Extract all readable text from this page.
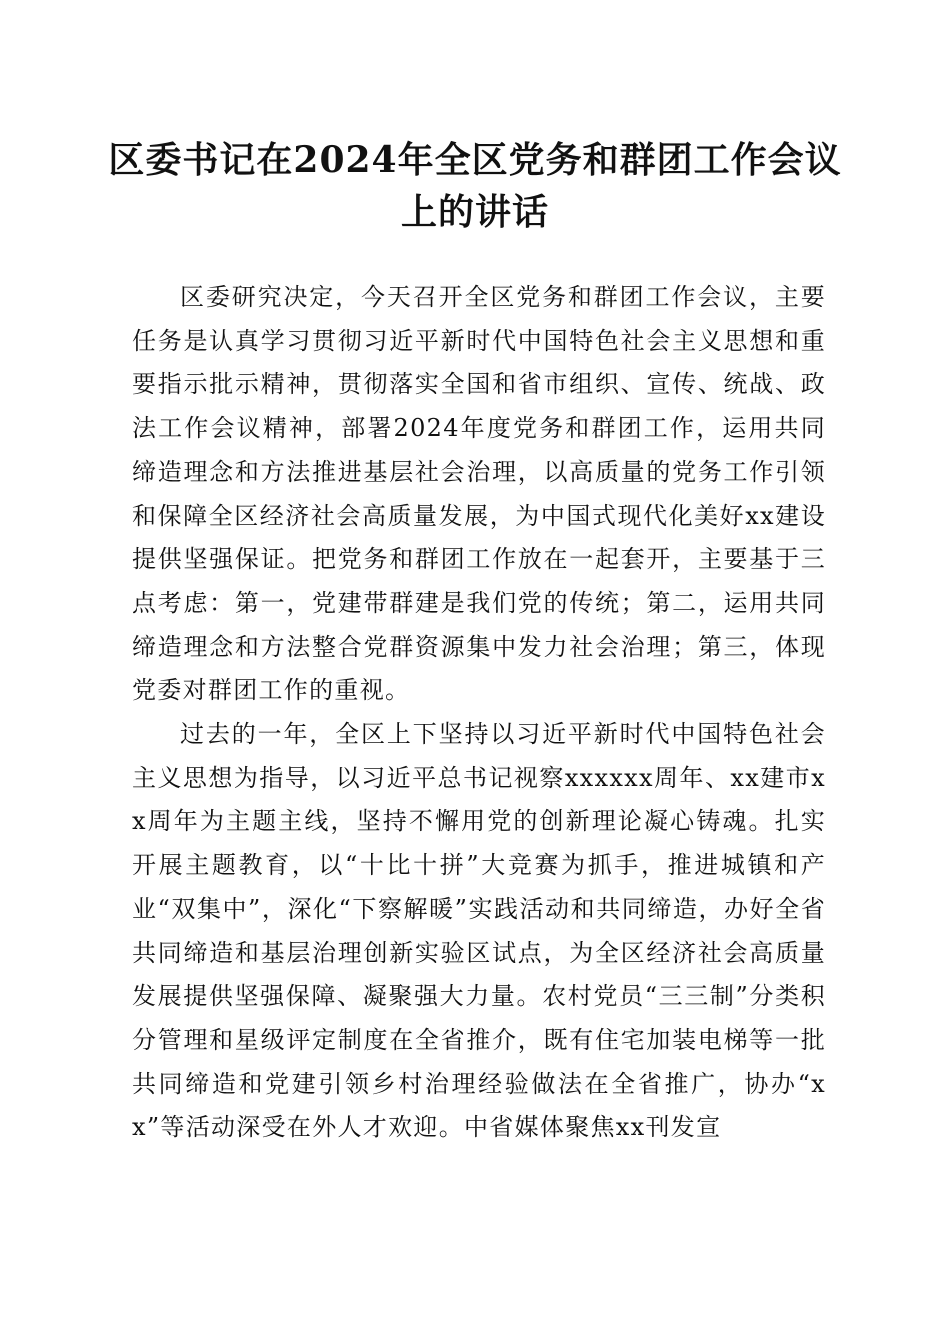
区委书记在2024年全区党务和群团工作会议
上的讲话

区委研究决定，今天召开全区党务和群团工作会议，主要任务是认真学习贯彻习近平新时代中国特色社会主义思想和重要指示批示精神，贯彻落实全国和省市组织、宣传、统战、政法工作会议精神，部署2024年度党务和群团工作，运用共同缔造理念和方法推进基层社会治理，以高质量的党务工作引领和保障全区经济社会高质量发展，为中国式现代化美好xx建设提供坚强保证。把党务和群团工作放在一起套开，主要基于三点考虑：第一，党建带群建是我们党的传统；第二，运用共同缔造理念和方法整合党群资源集中发力社会治理；第三，体现党委对群团工作的重视。

过去的一年，全区上下坚持以习近平新时代中国特色社会主义思想为指导，以习近平总书记视察xxxxxx周年、xx建市xx周年为主题主线，坚持不懈用党的创新理论凝心铸魂。扎实开展主题教育，以“十比十拼”大竞赛为抓手，推进城镇和产业“双集中”，深化“下察解暖”实践活动和共同缔造，办好全省共同缔造和基层治理创新实验区试点，为全区经济社会高质量发展提供坚强保障、凝聚强大力量。农村党员“三三制”分类积分管理和星级评定制度在全省推介，既有住宅加装电梯等一批共同缔造和党建引领乡村治理经验做法在全省推广，协办“xx”等活动深受在外人才欢迎。中省媒体聚焦xx刊发宣
